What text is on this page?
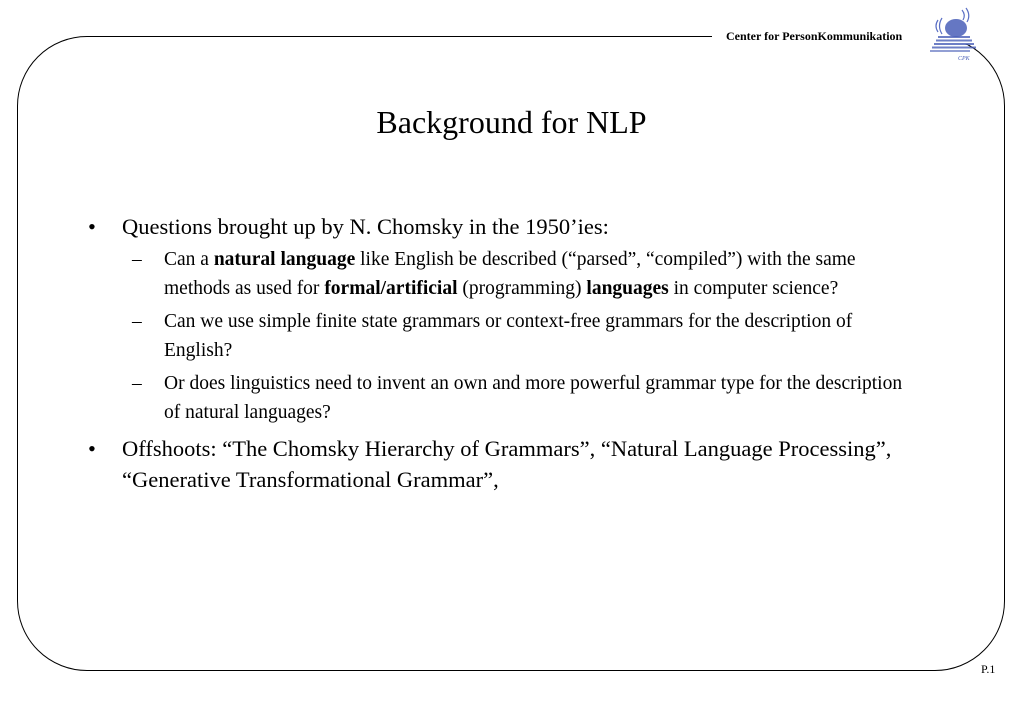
Center for PersonKommunikation
CPK
Background for NLP
• Questions brought up by N. Chomsky in the 1950’ies:
– Can a natural language like English be described (“parsed”, “compiled”) with the same methods as used for formal/artificial (programming) languages in computer science?
– Can we use simple finite state grammars or context-free grammars for the description of English?
– Or does linguistics need to invent an own and more powerful grammar type for the description of natural languages?
• Offshoots: “The Chomsky Hierarchy of Grammars”, “Natural Language Processing”, “Generative Transformational Grammar”,
P.1
